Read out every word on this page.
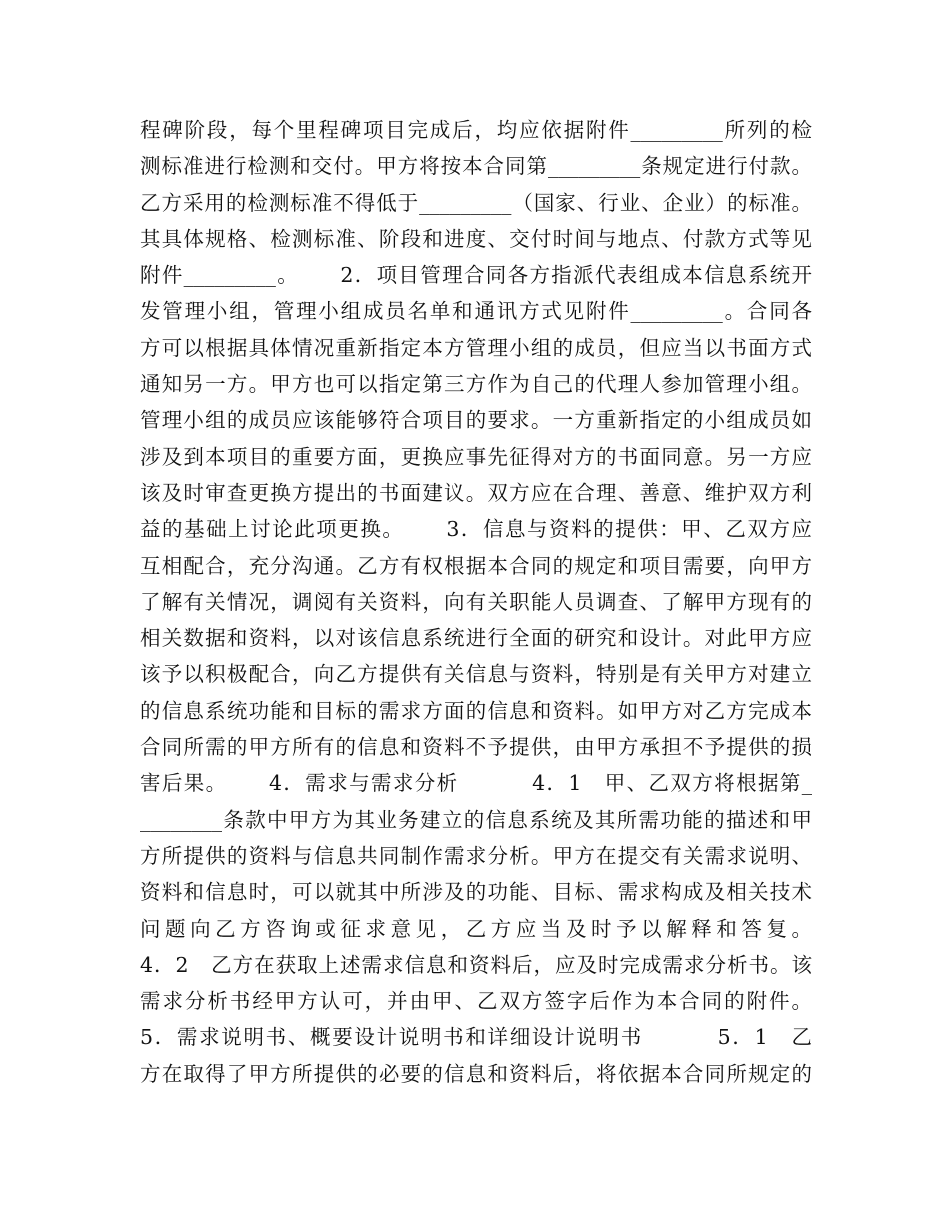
程碑阶段，每个里程碑项目完成后，均应依据附件_________所列的检
测标准进行检测和交付。甲方将按本合同第_________条规定进行付款。
乙方采用的检测标准不得低于_________（国家、行业、企业）的标准。
其具体规格、检测标准、阶段和进度、交付时间与地点、付款方式等见
附件_________。　　 2．项目管理合同各方指派代表组成本信息系统开
发管理小组，管理小组成员名单和通讯方式见附件_________。合同各
方可以根据具体情况重新指定本方管理小组的成员，但应当以书面方式
通知另一方。甲方也可以指定第三方作为自己的代理人参加管理小组。
管理小组的成员应该能够符合项目的要求。一方重新指定的小组成员如
涉及到本项目的重要方面，更换应事先征得对方的书面同意。另一方应
该及时审查更换方提出的书面建议。双方应在合理、善意、维护双方利
益的基础上讨论此项更换。　　 3．信息与资料的提供：甲、乙双方应
互相配合，充分沟通。乙方有权根据本合同的规定和项目需要，向甲方
了解有关情况，调阅有关资料，向有关职能人员调查、了解甲方现有的
相关数据和资料，以对该信息系统进行全面的研究和设计。对此甲方应
该予以积极配合，向乙方提供有关信息与资料，特别是有关甲方对建立
的信息系统功能和目标的需求方面的信息和资料。如甲方对乙方完成本
合同所需的甲方所有的信息和资料不予提供，由甲方承担不予提供的损
害后果。　　 4．需求与需求分析　　　 4．1　甲、乙双方将根据第_
________条款中甲方为其业务建立的信息系统及其所需功能的描述和甲
方所提供的资料与信息共同制作需求分析。甲方在提交有关需求说明、
资料和信息时，可以就其中所涉及的功能、目标、需求构成及相关技术
问题向乙方咨询或征求意见，乙方应当及时予以解释和答复。
4．2　乙方在获取上述需求信息和资料后，应及时完成需求分析书。该
需求分析书经甲方认可，并由甲、乙双方签字后作为本合同的附件。
5．需求说明书、概要设计说明书和详细设计说明书　　　 5．1　乙
方在取得了甲方所提供的必要的信息和资料后，将依据本合同所规定的
